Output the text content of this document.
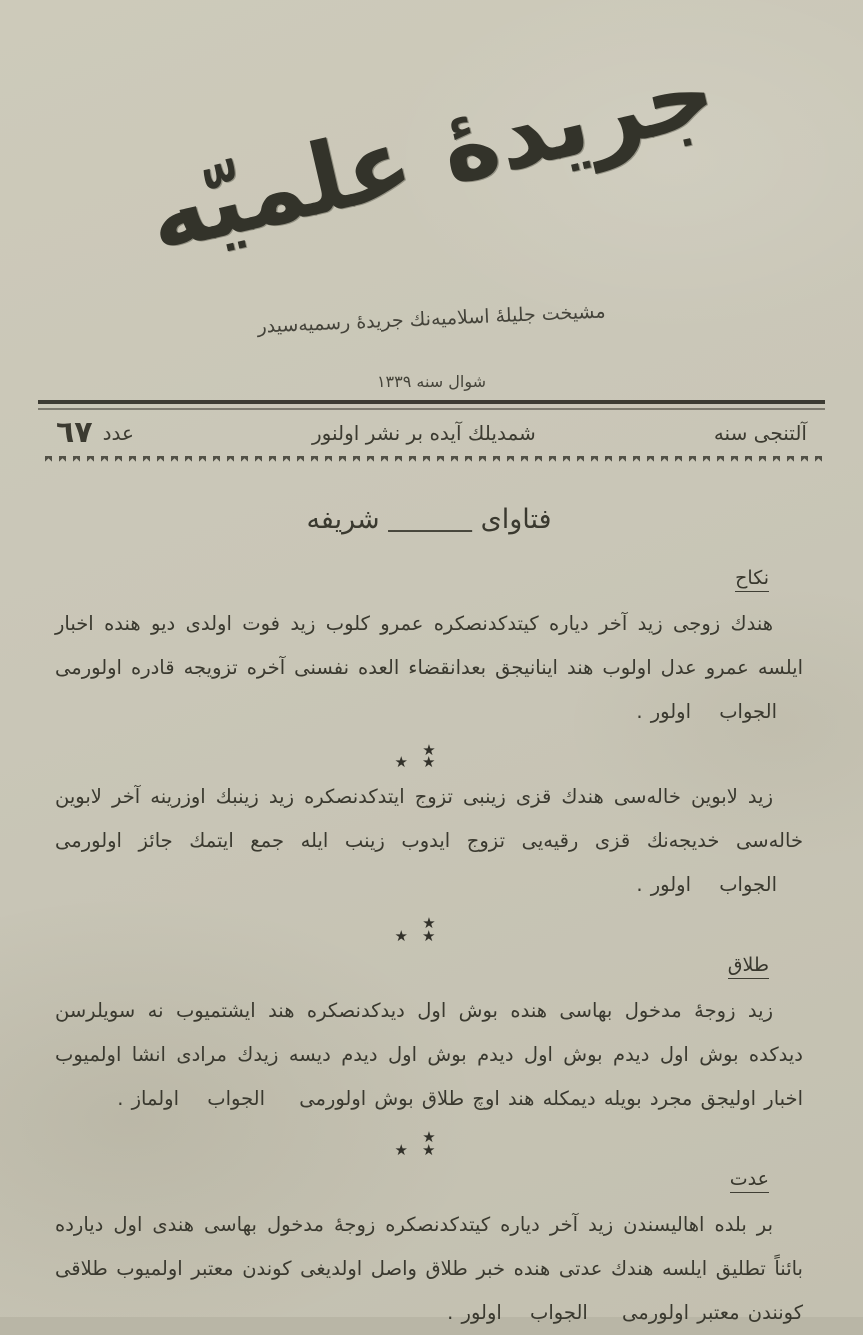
جريدهٔ علميّه
مشيخت جليلهٔ اسلاميه‌نك جريدهٔ رسميه‌سيدر
شوال سنه ١٣٣٩
آلتنجى سنه
شمديلك آيده بر نشر اولنور
عدد
٦٧
فتاواى ـــــــــــــ شريفه
نكاح

هندك زوجى زيد آخر دياره كيتدكدنصكره عمرو كلوب زيد فوت اولدى ديو هنده اخبار ايلسه عمرو عدل اولوب هند اينانيجق بعدانقضاء العده نفسنى آخره تزويجه قادره اولورمى الجواب اولور .

★
★★

زيد لابوين خاله‌سى هندك قزى زينبى تزوج ايتدكدنصكره زيد زينبك اوزرينه آخر لابوين خاله‌سى خديجه‌نك قزى رقيه‌يى تزوج ايدوب زينب ايله جمع ايتمك جائز اولورمى الجواب اولور .

★
★★
طلاق

زيد زوجهٔ مدخول بهاسى هنده بوش اول ديدكدنصكره هند ايشتميوب نه سويلرسن ديدكده بوش اول ديدم بوش اول ديدم بوش اول ديدم ديسه زيدك مرادى انشا اولميوب اخبار اوليجق مجرد بويله ديمكله هند اوچ طلاق بوش اولورمى الجواب اولماز .

★
★★
عدت

بر بلده اهاليسندن زيد آخر دياره كيتدكدنصكره زوجهٔ مدخول بهاسى هندى اول ديارده بائناً تطليق ايلسه هندك عدتى هنده خبر طلاق واصل اولديغى كوندن معتبر اولميوب طلاقى كونندن معتبر اولورمى الجواب اولور .
